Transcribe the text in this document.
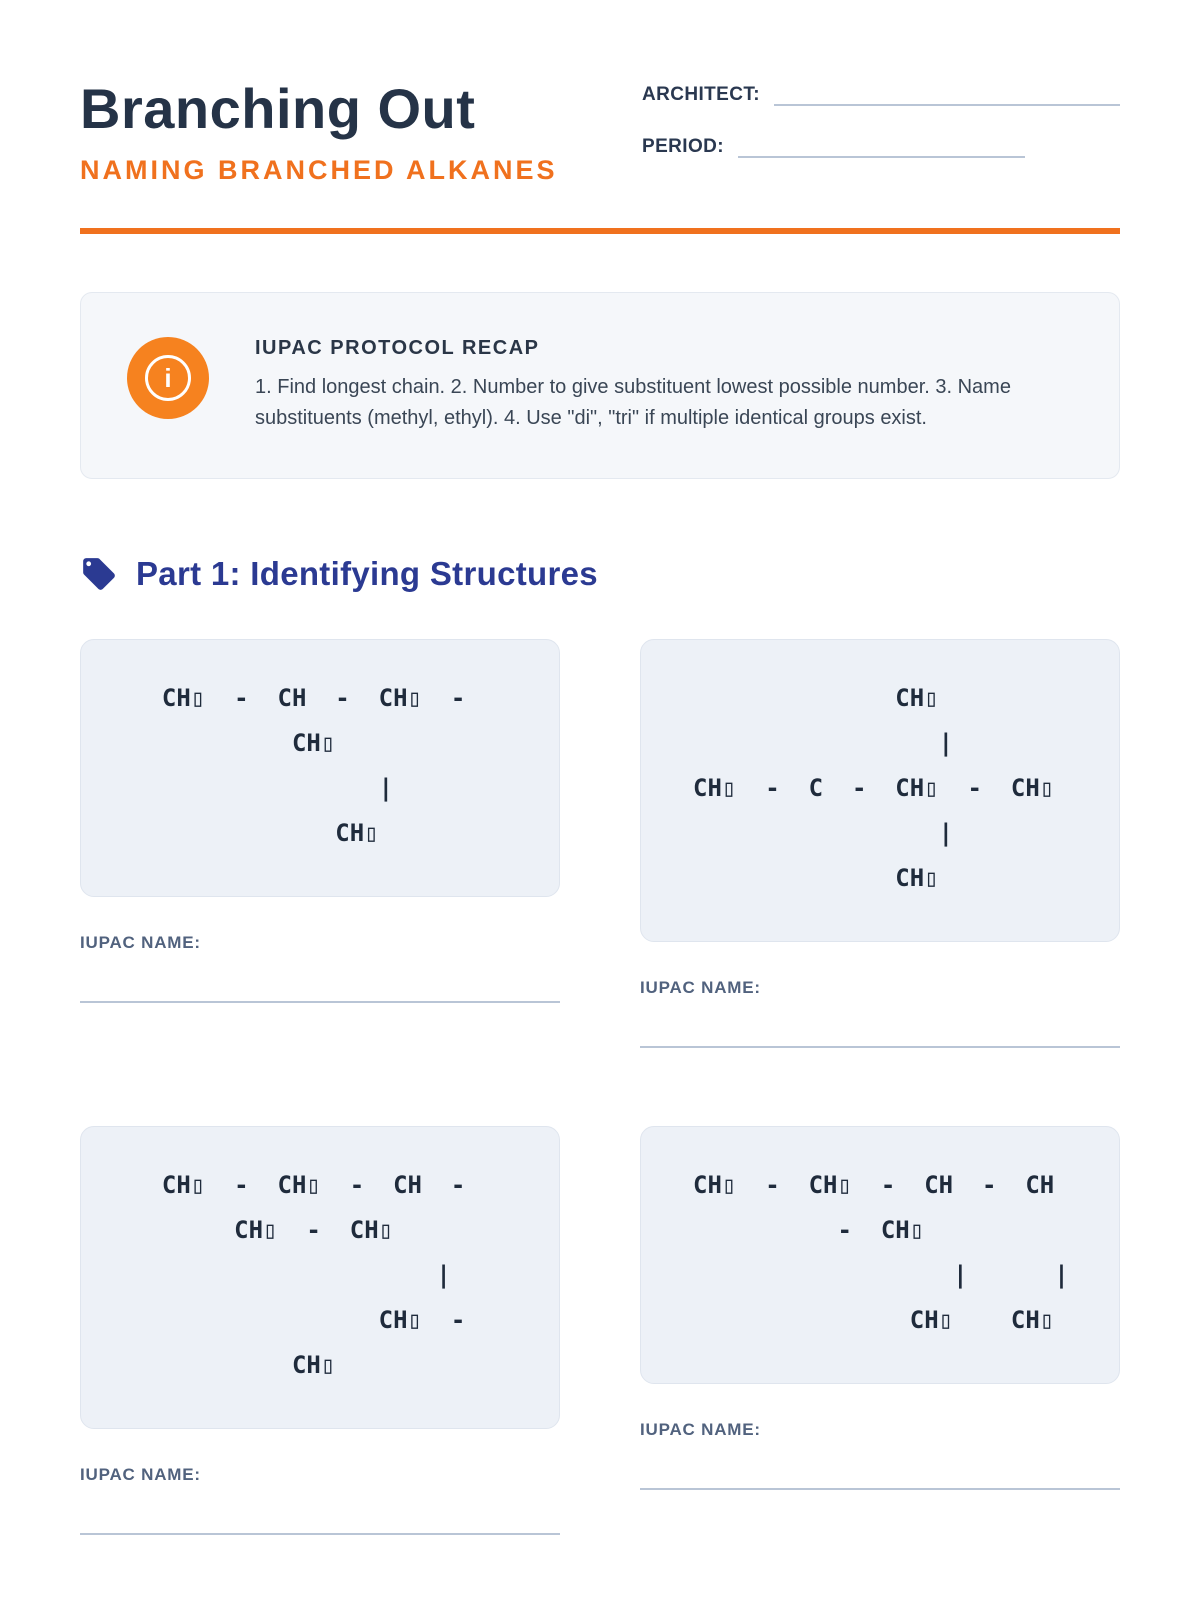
Branching Out
NAMING BRANCHED ALKANES
ARCHITECT:
PERIOD:
i
IUPAC PROTOCOL RECAP
1. Find longest chain. 2. Number to give substituent lowest possible number. 3. Name substituents (methyl, ethyl). 4. Use "di", "tri" if multiple identical groups exist.
Part 1: Identifying Structures
CH▯  -  CH  -  CH▯  -
CH▯
|
CH▯
IUPAC NAME:
CH▯
|
CH▯  -  C  -  CH▯  -  CH▯
|
CH▯
IUPAC NAME:
CH▯  -  CH▯  -  CH  -
CH▯  -  CH▯
|
CH▯  -
CH▯
IUPAC NAME:
CH▯  -  CH▯  -  CH  -  CH
-  CH▯
|      |
CH▯    CH▯
IUPAC NAME:
